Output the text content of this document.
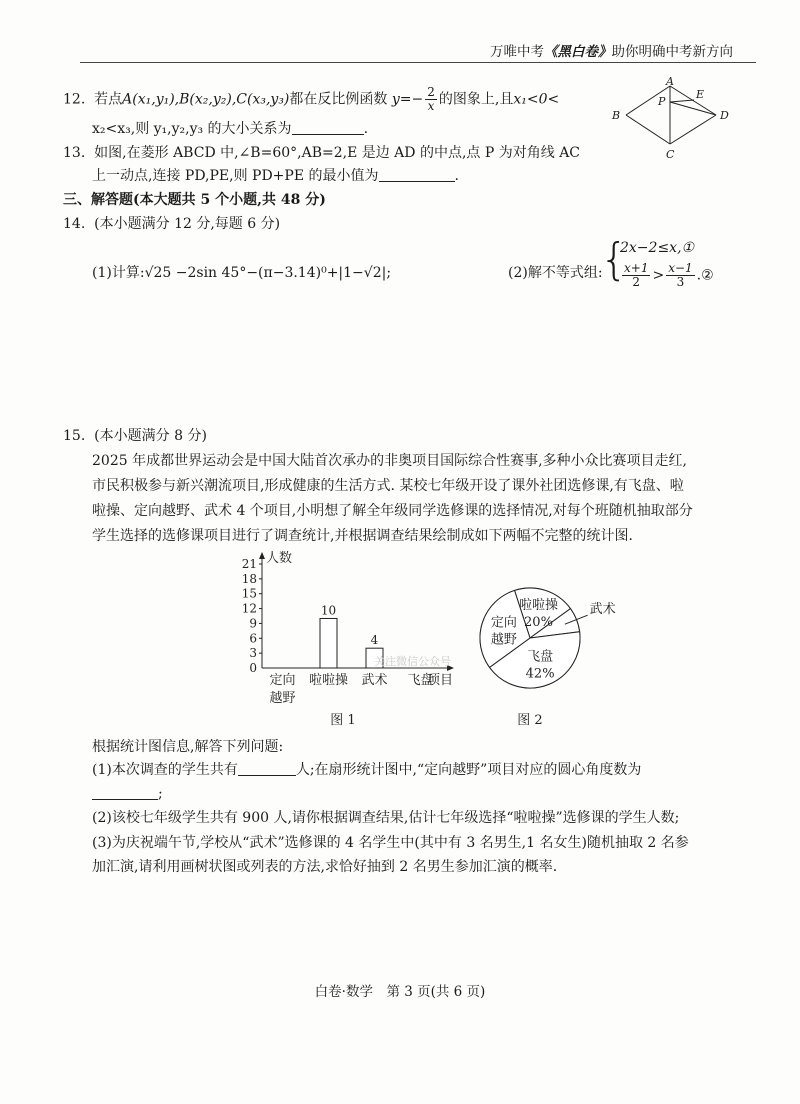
万唯中考《黑白卷》助你明确中考新方向
12. 若点A(x₁,y₁),B(x₂,y₂),C(x₃,y₃)都在反比例函数 $y=- \frac{2}{x}$ 的图象上,且x₁<0<
x₂<x₃,则 y₁,y₂,y₃ 的大小关系为	.
A
B
C
D
E
P
13. 如图,在菱形 ABCD 中,∠B=60°,AB=2,E 是边 AD 的中点,点 P 为对角线 AC
上一动点,连接 PD,PE,则 PD+PE 的最小值为	.
三、解答题(本大题共 5 个小题,共 48 分)
14. (本小题满分 12 分,每题 6 分)
(1)计算:√25 −2sin 45°−(π−3.14)⁰+|1−√2|;	(2)解不等式组:
{
2x−2≤x,①
$\frac{x+1}{2} > \frac{x-1}{3}$ .②
15. (本小题满分 8 分)
2025 年成都世界运动会是中国大陆首次承办的非奥项目国际综合性赛事,多种小众比赛项目走红,
市民积极参与新兴潮流项目,形成健康的生活方式. 某校七年级开设了课外社团选修课,有飞盘、啦
啦操、定向越野、武术 4 个项目,小明想了解全年级同学选修课的选择情况,对每个班随机抽取部分
学生选择的选修课项目进行了调查统计,并根据调查结果绘制成如下两幅不完整的统计图.
人数
0
3
6
9
12
15
18
21
定向
越野
10
啦啦操
4
武术 飞盘
项目
图 1
啦啦操
20%
武术
飞盘
42%
定向
越野
图 2
关注微信公众号
根据统计图信息,解答下列问题:
(1)本次调查的学生共有	人;在扇形统计图中,“定向越野”项目对应的圆心角度数为
;
(2)该校七年级学生共有 900 人,请你根据调查结果,估计七年级选择“啦啦操”选修课的学生人数;
(3)为庆祝端午节,学校从“武术”选修课的 4 名学生中(其中有 3 名男生,1 名女生)随机抽取 2 名参
加汇演,请利用画树状图或列表的方法,求恰好抽到 2 名男生参加汇演的概率.
白卷·数学　第 3 页(共 6 页)
